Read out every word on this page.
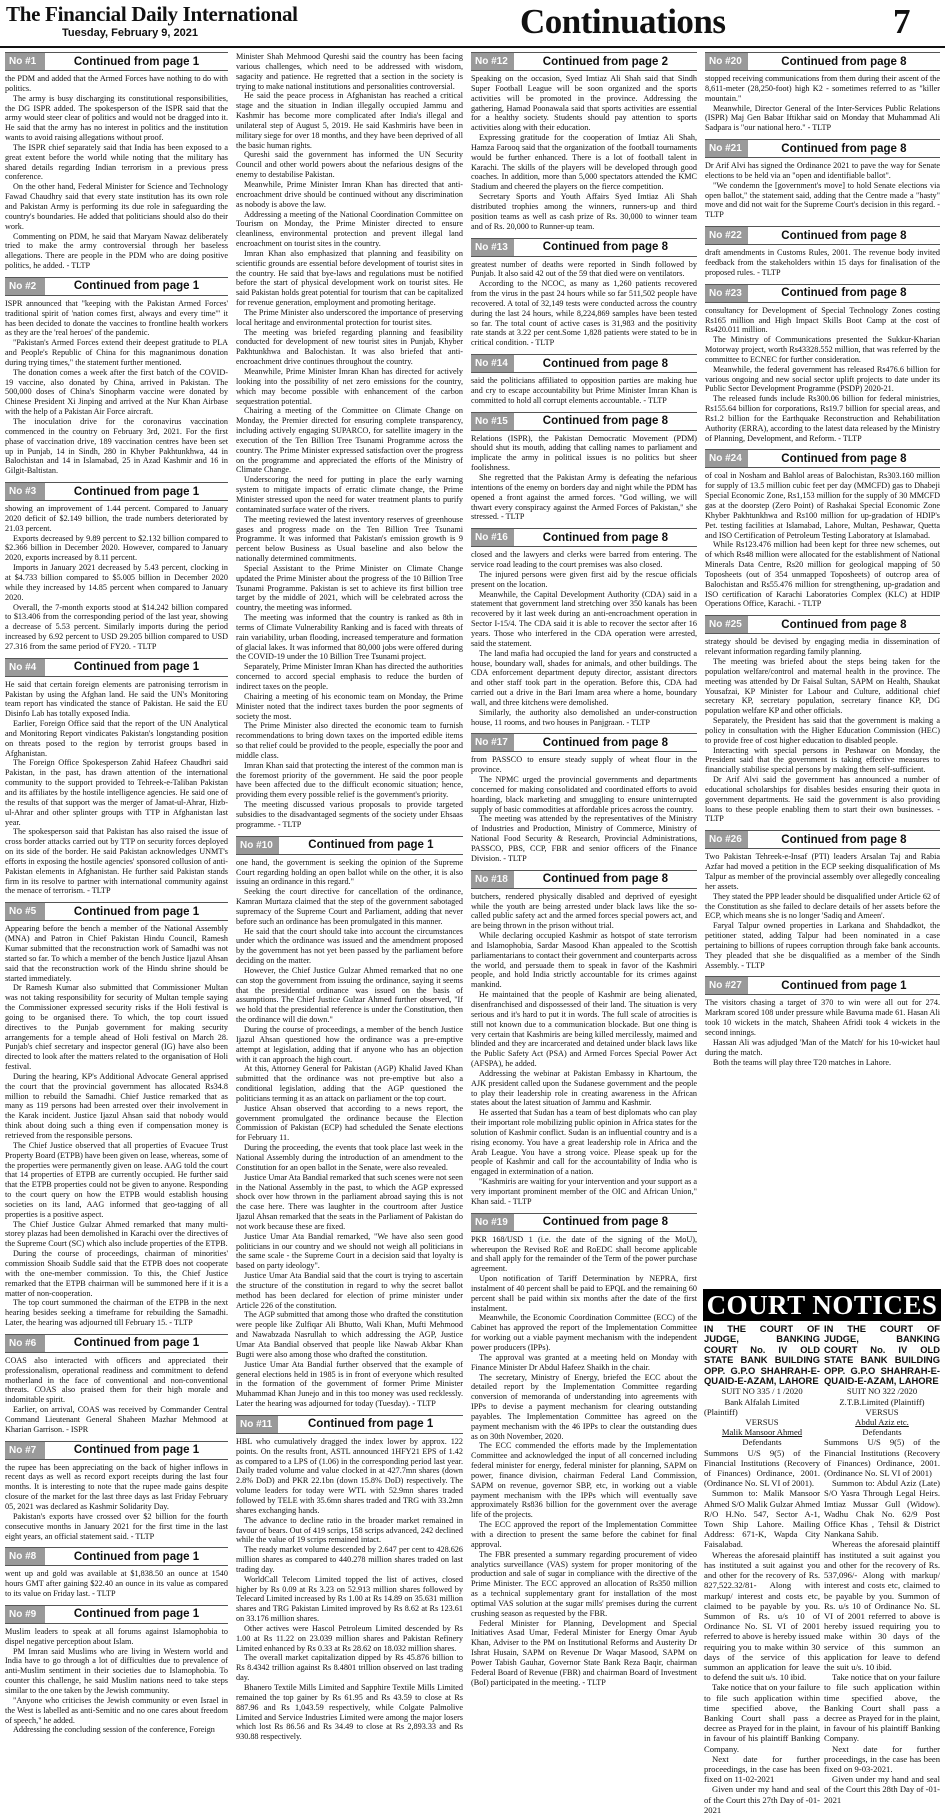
The Financial Daily International
Tuesday, February 9, 2021	Continuations	7
No #1	Continued from page 1

the PDM and added that the Armed Forces have nothing to do with politics.

The army is busy discharging its constitutional responsibilities, the DG ISPR added. The spokesperson of the ISPR said that the army would steer clear of politics and would not be dragged into it. He said that the army has no interest in politics and the institution wants to avoid raising allegations without proof.

The ISPR chief separately said that India has been exposed to a great extent before the world while noting that the military has shared details regarding Indian terrorism in a previous press conference.

On the other hand, Federal Minister for Science and Technology Fawad Chaudhry said that every state institution has its own role and Pakistan Army is performing its due role in safeguarding the country's boundaries. He added that politicians should also do their work.

Commenting on PDM, he said that Maryam Nawaz deliberately tried to make the army controversial through her baseless allegations. There are people in the PDM who are doing positive politics, he added. - TLTP

No #2	Continued from page 1

ISPR announced that "keeping with the Pakistan Armed Forces' traditional spirit of 'nation comes first, always and every time'" it has been decided to donate the vaccines to frontline health workers as they are the 'real heroes' of the pandemic.

"Pakistan's Armed Forces extend their deepest gratitude to PLA and People's Republic of China for this magnanimous donation during trying times," the statement further mentioned.

The donation comes a week after the first batch of the COVID-19 vaccine, also donated by China, arrived in Pakistan. The 500,000 doses of China's Sinopharm vaccine were donated by Chinese President Xi Jinping and arrived at the Nur Khan Airbase with the help of a Pakistan Air Force aircraft.

The inoculation drive for the coronavirus vaccination commenced in the country on February 3rd, 2021. For the first phase of vaccination drive, 189 vaccination centres have been set up in Punjab, 14 in Sindh, 280 in Khyber Pakhtunkhwa, 44 in Balochistan and 14 in Islamabad, 25 in Azad Kashmir and 16 in Gilgit-Baltistan.

No #3	Continued from page 1

showing an improvement of 1.44 percent. Compared to January 2020 deficit of $2.149 billion, the trade numbers deteriorated by 21.03 percent.

Exports decreased by 9.89 percent to $2.132 billion compared to $2.366 billion in December 2020. However, compared to January 2020, exports increased by 8.11 percent.

Imports in January 2021 decreased by 5.43 percent, clocking in at $4.733 billion compared to $5.005 billion in December 2020 while they increased by 14.85 percent when compared to January 2020.

Overall, the 7-month exports stood at $14.242 billion compared to $13.406 from the corresponding period of the last year, showing a decrease of 5.53 percent. Similarly imports during the period increased by 6.92 percent to USD 29.205 billion compared to USD 27.316 from the same period of FY20. - TLTP

No #4	Continued from page 1

He said that certain foreign elements are patronising terrorism in Pakistan by using the Afghan land. He said the UN's Monitoring team report has vindicated the stance of Pakistan. He said the EU Disinfo Lab has totally exposed India.

Earlier, Foreign Office said that the report of the UN Analytical and Monitoring Report vindicates Pakistan's longstanding position on threats posed to the region by terrorist groups based in Afghanistan.

The Foreign Office Spokesperson Zahid Hafeez Chaudhri said Pakistan, in the past, has drawn attention of the international community to the support provided to Tehreek-e-Taliban Pakistan and its affiliates by the hostile intelligence agencies. He said one of the results of that support was the merger of Jamat-ul-Ahrar, Hizb-ul-Ahrar and other splinter groups with TTP in Afghanistan last year.

The spokesperson said that Pakistan has also raised the issue of cross border attacks carried out by TTP on security forces deployed on its side of the border. He said Pakistan acknowledges UNMT's efforts in exposing the hostile agencies' sponsored collusion of anti-Pakistan elements in Afghanistan. He further said Pakistan stands firm in its resolve to partner with international community against the menace of terrorism. - TLTP

No #5	Continued from page 1

Appearing before the bench a member of the National Assembly (MNA) and Patron in Chief Pakistan Hindu Council, Ramesh Kumar submitted that the reconstruction work of Samadhi was not started so far. To which a member of the bench Justice Ijazul Ahsan said that the reconstruction work of the Hindu shrine should be started immediately.

Dr Ramesh Kumar also submitted that Commissioner Multan was not taking responsibility for security of Multan temple saying the Commissioner expressed security risks if the Holi festival is going to be organised there. To which, the top court issued directives to the Punjab government for making security arrangements for a temple ahead of Holi festival on March 28. Punjab's chief secretary and inspector general (IG) have also been directed to look after the matters related to the organisation of Holi festival.

During the hearing, KP's Additional Advocate General apprised the court that the provincial government has allocated Rs34.8 million to rebuild the Samadhi. Chief Justice remarked that as many as 119 persons had been arrested over their involvement in the Karak incident. Justice Ijazul Ahsan said that nobody would think about doing such a thing even if compensation money is retrieved from the responsible persons.

The Chief Justice observed that all properties of Evacuee Trust Property Board (ETPB) have been given on lease, whereas, some of the properties were permanently given on lease. AAG told the court that 14 properties of ETPB are currently occupied. He further said that the ETPB properties could not be given to anyone. Responding to the court query on how the ETPB would establish housing societies on its land, AAG informed that geo-tagging of all properties is a positive aspect.

The Chief Justice Gulzar Ahmed remarked that many multi-storey plazas had been demolished in Karachi over the directives of the Supreme Court (SC) which also include properties of the ETPB.

During the course of proceedings, chairman of minorities' commission Shoaib Suddle said that the ETPB does not cooperate with the one-member commission. To this, the Chief Justice remarked that the ETPB chairman will be summoned here if it is a matter of non-cooperation.

The top court summoned the chairman of the ETPB in the next hearing besides seeking a timeframe for rebuilding the Samadhi. Later, the hearing was adjourned till February 15. - TLTP

No #6	Continued from page 1

COAS also interacted with officers and appreciated their professionalism, operational readiness and commitment to defend motherland in the face of conventional and non-conventional threats. COAS also praised them for their high morale and indomitable spirit.

Earlier, on arrival, COAS was received by Commander Central Command Lieutenant General Shaheen Mazhar Mehmood at Kharian Garrison. - ISPR

No #7	Continued from page 1

the rupee has been appreciating on the back of higher inflows in recent days as well as record export receipts during the last four months. It is interesting to note that the rupee made gains despite closure of the market for the last three days as last Friday February 05, 2021 was declared as Kashmir Solidarity Day.

Pakistan's exports have crossed over $2 billion for the fourth consecutive months in January 2021 for the first time in the last eight years, an official statement said. - TLTP

No #8	Continued from page 1

went up and gold was available at $1,838.50 an ounce at 1540 hours GMT after gaining $22.40 an ounce in its value as compared to its value on Friday last. - TLTP

No #9	Continued from page 1

Muslim leaders to speak at all forums against Islamophobia to dispel negative perception about Islam.

PM Imran said Muslims who are living in Western world and India have to go through a lot of difficulties due to prevalence of anti-Muslim sentiment in their societies due to Islamophobia. To counter this challenge, he said Muslim nations need to take steps similar to the one taken by the Jewish community.

"Anyone who criticises the Jewish community or even Israel in the West is labelled as anti-Semitic and no one cares about freedom of speech," he added.

Addressing the concluding session of the conference, Foreign

Minister Shah Mehmood Qureshi said the country has been facing various challenges, which need to be addressed with wisdom, sagacity and patience. He regretted that a section in the society is trying to make national institutions and personalities controversial.

He said the peace process in Afghanistan has reached a critical stage and the situation in Indian illegally occupied Jammu and Kashmir has become more complicated after India's illegal and unilateral step of August 5, 2019. He said Kashmiris have been in military siege for over 18 months, and they have been deprived of all the basic human rights.

Qureshi said the government has informed the UN Security Council and other world powers about the nefarious designs of the enemy to destabilise Pakistan.

Meanwhile, Prime Minister Imran Khan has directed that anti-encroachment drive should be continued without any discrimination as nobody is above the law.

Addressing a meeting of the National Coordination Committee on Tourism on Monday, the Prime Minister directed to ensure cleanliness, environmental protection and prevent illegal land encroachment on tourist sites in the country.

Imran Khan also emphasized that planning and feasibility on scientific grounds are essential before development of tourist sites in the country. He said that bye-laws and regulations must be notified before the start of physical development work on tourist sites. He said Pakistan holds great potential for tourism that can be capitalized for revenue generation, employment and promoting heritage.

The Prime Minister also underscored the importance of preserving local heritage and environmental protection for tourist sites.

The meeting was briefed regarding planning and feasibility conducted for development of new tourist sites in Punjab, Khyber Pakhtunkhwa and Balochistan. It was also briefed that anti-encroachment drive continues throughout the country.

Meanwhile, Prime Minister Imran Khan has directed for actively looking into the possibility of net zero emissions for the country, which may become possible with enhancement of the carbon sequestration potential.

Chairing a meeting of the Committee on Climate Change on Monday, the Premier directed for ensuring complete transparency, including actively engaging SUPARCO, for satellite imagery in the execution of the Ten Billion Tree Tsunami Programme across the country. The Prime Minister expressed satisfaction over the progress on the programme and appreciated the efforts of the Ministry of Climate Change.

Underscoring the need for putting in place the early warning system to mitigate impacts of erratic climate change, the Prime Minister stressed upon the need for water treatment plants to purify contaminated surface water of the rivers.

The meeting reviewed the latest inventory reserves of greenhouse gases and progress made on the Ten Billion Tree Tsunami Programme. It was informed that Pakistan's emission growth is 9 percent below Business as Usual baseline and also below the nationally determined commitments.

Special Assistant to the Prime Minister on Climate Change updated the Prime Minister about the progress of the 10 Billion Tree Tsunami Programme. Pakistan is set to achieve its first billion tree target by the middle of 2021, which will be celebrated across the country, the meeting was informed.

The meeting was informed that the country is ranked as 8th in terms of Climate Vulnerability Ranking and is faced with threats of rain variability, urban flooding, increased temperature and formation of glacial lakes. It was informed that 80,000 jobs were offered during the COVID-19 under the 10 Billion Tree Tsunami project.

Separately, Prime Minister Imran Khan has directed the authorities concerned to accord special emphasis to reduce the burden of indirect taxes on the people.

Chairing a meeting of his economic team on Monday, the Prime Minister noted that the indirect taxes burden the poor segments of society the most.

The Prime Minister also directed the economic team to furnish recommendations to bring down taxes on the imported edible items so that relief could be provided to the people, especially the poor and middle class.

Imran Khan said that protecting the interest of the common man is the foremost priority of the government. He said the poor people have been affected due to the difficult economic situation; hence, providing them every possible relief is the government's priority.

The meeting discussed various proposals to provide targeted subsidies to the disadvantaged segments of the society under Ehsaas programme. - TLTP

No #10	Continued from page 1

one hand, the government is seeking the opinion of the Supreme Court regarding holding an open ballot while on the other, it is also issuing an ordinance in this regard."

Seeking the court directive for cancellation of the ordinance, Kamran Murtaza claimed that the step of the government sabotaged supremacy of the Supreme Court and Parliament, adding that never before such an ordinance has been promulgated in this manner.

He said that the court should take into account the circumstances under which the ordinance was issued and the amendment proposed by the government has not yet been passed by the parliament before deciding on the matter.

However, the Chief Justice Gulzar Ahmed remarked that no one can stop the government from issuing the ordinance, saying it seems that the presidential ordinance was issued on the basis of assumptions. The Chief Justice Gulzar Ahmed further observed, "If we hold that the presidential reference is under the Constitution, then the ordinance will die down."

During the course of proceedings, a member of the bench Justice Ijazul Ahsan questioned how the ordinance was a pre-emptive attempt at legislation, adding that if anyone who has an objection with it can approach the high court.

At this, Attorney General for Pakistan (AGP) Khalid Javed Khan submitted that the ordinance was not pre-emptive but also a conditional legislation, adding that the AGP questioned the politicians terming it as an attack on parliament or the top court.

Justice Ahsan observed that according to a news report, the government promulgated the ordinance because the Election Commission of Pakistan (ECP) had scheduled the Senate elections for February 11.

During the proceeding, the events that took place last week in the National Assembly during the introduction of an amendment to the Constitution for an open ballot in the Senate, were also revealed.

Justice Umar Ata Bandial remarked that such scenes were not seen in the National Assembly in the past, to which the AGP expressed shock over how thrown in the parliament abroad saying this is not the case here. There was laughter in the courtroom after Justice Ijazul Ahsan remarked that the seats in the Parliament of Pakistan do not work because these are fixed.

Justice Umar Ata Bandial remarked, "We have also seen good politicians in our country and we should not weigh all politicians in the same scale - the Supreme Court in a decision said that loyalty is based on party ideology".

Justice Umar Ata Bandial said that the court is trying to ascertain the structure of the constitution in regard to why the secret ballot method has been declared for election of prime minister under Article 226 of the constitution.

The AGP submitted that among those who drafted the constitution were people like Zulfiqar Ali Bhutto, Wali Khan, Mufti Mehmood and Nawabzada Nasrullah to which addressing the AGP, Justice Umar Ata Bandial observed that people like Nawab Akbar Khan Bugti were also among those who drafted the constitution.

Justice Umar Ata Bandial further observed that the example of general elections held in 1985 is in front of everyone which resulted in the formation of the government of former Prime Minister Muhammad Khan Junejo and in this too money was used recklessly. Later the hearing was adjourned for today (Tuesday). - TLTP

No #11	Continued from page 1

HBL who cumulatively dragged the index lower by approx. 122 points. On the results front, ASTL announced 1HFY21 EPS of 1.42 as compared to a LPS of (1.06) in the corresponding period last year. Daily traded volume and value clocked in at 427.7mn shares (down 2.8% DoD) and PKR 22.1bn (down 15.8% DoD) respectively. The volume leaders for today were WTL with 52.9mn shares traded followed by TELE with 35.6mn shares traded and TRG with 33.2mn shares exchanging hands.

The advance to decline ratio in the broader market remained in favour of bears. Out of 419 scrips, 158 scrips advanced, 242 declined while the value of 19 scrips remained intact.

The ready market volume descended by 2.647 per cent to 428.626 million shares as compared to 440.278 million shares traded on last trading day.

WorldCall Telecom Limited topped the list of actives, closed higher by Rs 0.09 at Rs 3.23 on 52.913 million shares followed by Telecard Limited increased by Rs 1.00 at Rs 14.89 on 35.631 million shares and TRG Pakistan Limited improved by Rs 8.62 at Rs 123.61 on 33.176 million shares.

Other actives were Hascol Petroleum Limited descended by Rs 1.00 at Rs 11.22 on 23.039 million shares and Pakistan Refinery Limited enhanced by Rs 0.33 at Rs 28.62 on 18.032 million shares.

The overall market capitalization dipped by Rs 45.876 billion to Rs 8.4342 trillion against Rs 8.4801 trillion observed on last trading day.

Bhanero Textile Mills Limited and Sapphire Textile Mills Limited remained the top gainer by Rs 61.95 and Rs 43.59 to close at Rs 887.96 and Rs 1,043.59 respectively, while Colgate Palmolive Limited and Service Industries Limited were among the major losers which lost Rs 86.56 and Rs 34.49 to close at Rs 2,893.33 and Rs 930.88 respectively.

No #12	Continued from page 2

Speaking on the occasion, Syed Imtiaz Ali Shah said that Sindh Super Football League will be soon organized and the sports activities will be promoted in the province. Addressing the gathering, Hamad Poonawala said that sports activities are essential for a healthy society. Students should pay attention to sports activities along with their education.

Expressing gratitude for the cooperation of Imtiaz Ali Shah, Hamza Farooq said that the organization of the football tournaments would be further enhanced. There is a lot of football talent in Karachi. The skills of the players will be developed through good coaches. In addition, more than 5,000 spectators attended the KMC Stadium and cheered the players on the fierce competition.

Secretary Sports and Youth Affairs Syed Imtiaz Ali Shah distributed trophies among the winners, runners-up and third position teams as well as cash prize of Rs. 30,000 to winner team and of Rs. 20,000 to Runner-up team.

No #13	Continued from page 8

greatest number of deaths were reported in Sindh followed by Punjab. It also said 42 out of the 59 that died were on ventilators.

According to the NCOC, as many as 1,260 patients recovered from the virus in the past 24 hours while so far 511,502 people have recovered. A total of 32,149 tests were conducted across the country during the last 24 hours, while 8,224,869 samples have been tested so far. The total count of active cases is 31,983 and the positivity rate stands at 3.22 per cent.Some 1,828 patients were stated to be in critical condition. - TLTP

No #14	Continued from page 8

said the politicians affiliated to opposition parties are making hue and cry to escape accountability but Prime Minister Imran Khan is committed to hold all corrupt elements accountable. - TLTP

No #15	Continued from page 8

Relations (ISPR), the Pakistan Democratic Movement (PDM) should shut its mouth, adding that calling names to parliament and implicate the army in political issues is no politics but sheer foolishness.

She regretted that the Pakistan Army is defeating the nefarious intentions of the enemy on borders day and night while the PDM has opened a front against the armed forces. "God willing, we will thwart every conspiracy against the Armed Forces of Pakistan," she stressed. - TLTP

No #16	Continued from page 8

closed and the lawyers and clerks were barred from entering. The service road leading to the court premises was also closed.

The injured persons were given first aid by the rescue officials present on the location.

Meanwhile, the Capital Development Authority (CDA) said in a statement that government land stretching over 350 kanals has been recovered by it last week during an anti-encroachment operation in Sector I-15/4. The CDA said it is able to recover the sector after 16 years. Those who interfered in the CDA operation were arrested, said the statement.

The land mafia had occupied the land for years and constructed a house, boundary wall, shades for animals, and other buildings. The CDA enforcement department deputy director, assistant directors and other staff took part in the operation. Before this, CDA had carried out a drive in the Bari Imam area where a home, boundary wall, and three kitchens were demolished.

Similarly, the authority also demolished an under-construction house, 11 rooms, and two houses in Panjgraan. - TLTP

No #17	Continued from page 8

from PASSCO to ensure steady supply of wheat flour in the province.

The NPMC urged the provincial governments and departments concerned for making consolidated and coordinated efforts to avoid hoarding, black marketing and smuggling to ensure uninterrupted supply of basic commodities at affordable prices across the country.

The meeting was attended by the representatives of the Ministry of Industries and Production, Ministry of Commerce, Ministry of National Food Security & Research, Provincial Administrations, PASSCO, PBS, CCP, FBR and senior officers of the Finance Division. - TLTP

No #18	Continued from page 8

butchers, rendered physically disabled and deprived of eyesight while the youth are being arrested under black laws like the so-called public safety act and the armed forces special powers act, and are being thrown in the prison without trial.

While declaring occupied Kashmir as hotspot of state terrorism and Islamophobia, Sardar Masood Khan appealed to the Scottish parliamentarians to contact their government and counterparts across the world, and persuade them to speak in favor of the Kashmiri people, and hold India strictly accountable for its crimes against mankind.

He maintained that the people of Kashmir are being alienated, disenfranchised and dispossessed of their land. The situation is very serious and it's hard to put it in words. The full scale of atrocities is still not known due to a communication blockade. But one thing is very certain that Kashmiris are being killed mercilessly, maimed and blinded and they are incarcerated and detained under black laws like the Public Safety Act (PSA) and Armed Forces Special Power Act (AFSPA), he added.

Addressing the webinar at Pakistan Embassy in Khartoum, the AJK president called upon the Sudanese government and the people to play their leadership role in creating awareness in the African states about the latest situation of Jammu and Kashmir.

He asserted that Sudan has a team of best diplomats who can play their important role mobilizing public opinion in Africa states for the solution of Kashmir conflict. Sudan is an influential country and is a rising economy. You have a great leadership role in Africa and the Arab League. You have a strong voice. Please speak up for the people of Kashmir and call for the accountability of India who is engaged in extermination of a nation.

"Kashmiris are waiting for your intervention and your support as a very important prominent member of the OIC and African Union," Khan said. - TLTP

No #19	Continued from page 8

PKR 168/USD 1 (i.e. the date of the signing of the MoU), whereupon the Revised RoE and RoEDC shall become applicable and shall apply for the remainder of the Term of the power purchase agreement.

Upon notification of Tariff Determination by NEPRA, first instalment of 40 percent shall be paid to EPQL and the remaining 60 percent shall be paid within six months after the date of the first instalment.

Meanwhile, the Economic Coordination Committee (ECC) of the Cabinet has approved the report of the Implementation Committee for working out a viable payment mechanism with the independent power producers (IPPs).

The approval was granted at a meeting held on Monday with Finance Minister Dr Abdul Hafeez Shaikh in the chair.

The secretary, Ministry of Energy, briefed the ECC about the detailed report by the Implementation Committee regarding conversion of memoranda of understanding into agreements with IPPs to devise a payment mechanism for clearing outstanding payables. The Implementation Committee has agreed on the payment mechanism with the 46 IPPs to clear the outstanding dues as on 30th November, 2020.

The ECC commended the efforts made by the Implementation Committee and acknowledged the input of all concerned including federal minister for energy, federal minister for planning, SAPM on power, finance division, chairman Federal Land Commission, SAPM on revenue, governor SBP, etc, in working out a viable payment mechanism with the IPPs which will eventually save approximately Rs836 billion for the government over the average life of the projects.

The ECC approved the report of the Implementation Committee with a direction to present the same before the cabinet for final approval.

The FBR presented a summary regarding procurement of video analytics surveillance (VAS) system for proper monitoring of the production and sale of sugar in compliance with the directive of the Prime Minister. The ECC approved an allocation of Rs350 million as a technical supplementary grant for installation of the most optimal VAS solution at the sugar mills' premises during the current crushing season as requested by the FBR.

Federal Minister for Planning, Development and Special Initiatives Asad Umar, Federal Minister for Energy Omar Ayub Khan, Adviser to the PM on Institutional Reforms and Austerity Dr Ishrat Husain, SAPM on Revenue Dr Waqar Masood, SAPM on Power Tabish Gauhar, Governor State Bank Reza Baqir, chairman Federal Board of Revenue (FBR) and chairman Board of Investment (BoI) participated in the meeting. - TLTP

No #20	Continued from page 8

stopped receiving communications from them during their ascent of the 8,611-meter (28,250-foot) high K2 - sometimes referred to as "killer mountain."

Meanwhile, Director General of the Inter-Services Public Relations (ISPR) Maj Gen Babar Iftikhar said on Monday that Muhammad Ali Sadpara is "our national hero." - TLTP

No #21	Continued from page 8

Dr Arif Alvi has signed the Ordinance 2021 to pave the way for Senate elections to be held via an "open and identifiable ballot".

"We condemn the [government's move] to hold Senate elections via open ballot," the statement said, adding that the Centre made a "hasty" move and did not wait for the Supreme Court's decision in this regard. - TLTP

No #22	Continued from page 8

draft amendments in Customs Rules, 2001. The revenue body invited feedback from the stakeholders within 15 days for finalisation of the proposed rules. - TLTP

No #23	Continued from page 8

consultancy for Development of Special Technology Zones costing Rs165 million and High Impact Skills Boot Camp at the cost of Rs420.011 million.

The Ministry of Communications presented the Sukkur-Kharian Motorway project, worth Rs43328.552 million, that was referred by the committee to ECNEC for further consideration.

Meanwhile, the federal government has released Rs476.6 billion for various ongoing and new social sector uplift projects to date under its Public Sector Development Programme (PSDP) 2020-21.

The released funds include Rs300.06 billion for federal ministries, Rs155.64 billion for corporations, Rs19.7 billion for special areas, and Rs1.2 billion for the Earthquake Reconstruction and Rehabilitation Authority (ERRA), according to the latest data released by the Ministry of Planning, Development, and Reform. - TLTP

No #24	Continued from page 8

of coal in Nosham and Bahlol areas of Balochistan, Rs303.160 million for supply of 13.5 million cubic feet per day (MMCFD) gas to Dhabeji Special Economic Zone, Rs1,153 million for the supply of 30 MMCFD gas at the doorstep (Zero Point) of Rashakai Special Economic Zone Khyber Pakhtunkhwa and Rs100 million for up-gradation of HDIP's Pet. testing facilities at Islamabad, Lahore, Multan, Peshawar, Quetta and ISO Certification of Petroleum Testing Laboratory at Islamabad.

While Rs123.476 million had been kept for three new schemes, out of which Rs48 million were allocated for the establishment of National Minerals Data Centre, Rs20 million for geological mapping of 50 Toposheets (out of 354 unmapped Toposheets) of outcrop area of Balochistan and Rs55.476 million for strengthening, up-gradation and ISO certification of Karachi Laboratories Complex (KLC) at HDIP Operations Office, Karachi. - TLTP

No #25	Continued from page 8

strategy should be devised by engaging media in dissemination of relevant information regarding family planning.

The meeting was briefed about the steps being taken for the population welfare/control and maternal health in the province. The meeting was attended by Dr Faisal Sultan, SAPM on Health, Shaukat Yousafzai, KP Minister for Labour and Culture, additional chief secretary KP, secretary population, secretary finance KP, DG population welfare KP and other officials.

Separately, the President has said that the government is making a policy in consultation with the Higher Education Commission (HEC) to provide free of cost higher education to disabled people.

Interacting with special persons in Peshawar on Monday, the President said that the government is taking effective measures to financially stabilise special persons by making them self-sufficient.

Dr Arif Alvi said the government has announced a number of educational scholarships for disables besides ensuring their quota in government departments. He said the government is also providing loans to these people enabling them to start their own businesses. - TLTP

No #26	Continued from page 8

Two Pakistan Tehreek-e-Insaf (PTI) leaders Arsalan Taj and Rabia Azfar had moved a petition in the ECP seeking disqualification of Ms Talpur as member of the provincial assembly over allegedly concealing her assets.

They stated the PPP leader should be disqualified under Article 62 of the Constitution as she failed to declare details of her assets before the ECP, which means she is no longer 'Sadiq and Ameen'.

Faryal Talpur owned properties in Larkana and Shahdadkot, the petitioner stated, adding Talpur had been nominated in a case pertaining to billions of rupees corruption through fake bank accounts. They pleaded that she be disqualified as a member of the Sindh Assembly. - TLTP

No #27	Continued from page 1

The visitors chasing a target of 370 to win were all out for 274. Markram scored 108 under pressure while Bavuma made 61. Hasan Ali took 10 wickets in the match, Shaheen Afridi took 4 wickets in the second innings.

Hassan Ali was adjudged 'Man of the Match' for his 10-wicket haul during the match.

Both the teams will play three T20 matches in Lahore.

COURT NOTICES
IN THE COURT OF JUDGE, BANKING COURT No. IV OLD STATE BANK BUILDING OPP. G.P.O SHAHRAH-E-QUAID-E-AZAM, LAHORE
SUIT NO 335 / 1 /2020
Bank Alfalah Limited
(Plaintiff)
VERSUS
Malik Mansoor Ahmed
Defendants

Summons U/S 9(5) of the Financial Institutions (Recovery of Finances) Ordinance, 2001. (Ordinance No. SL VI of 2001).

Summon to: Malik Mansoor Ahmed S/O Malik Gulzar Ahmed R/O H.No. 547, Sector A-1, Town Ship Lahore. Mailing Address: 671-K, Wapda City Faisalabad.

Whereas the aforesaid plaintiff has instituted a suit against you and other for the recovery of Rs. 827,522.32/81- Along with markup/ interest and costs etc, claimed to be payable by you. Summon of Rs. u/s 10 of Ordinance No. SL VI of 2001 referred to above is hereby issued requiring you to make within 30 days of the service of this summon an application for leave to defend the suit u/s. 10 ibid.

Take notice that on your failure to file such application within time specified above, the Banking Court shall pass a decree as Prayed for in the plaint, in favour of his plaintiff Banking Company.

Next date for further proceedings, in the case has been fixed on 11-02-2021

Given under my hand and seal of the Court this 27th Day of -01-2021

IN THE COURT OF JUDGE, BANKING COURT No. IV OLD STATE BANK BUILDING OPP. G.P.O SHAHRAH-E-QUAID-E-AZAM, LAHORE
SUIT NO 322 /2020
Z.T.B.Limited (Plaintiff)
VERSUS
Abdul Aziz etc.
Defendants

Summons U/S 9(5) of the Financial Institutions (Recovery of Finances) Ordinance, 2001. (Ordinance No. SL VI of 2001)

Summon to: Abdul Aziz (Late) S/O Yasra Through Legal Heirs. Imtiaz Mussar Gull (Widow). Wadhu Chak No. 62/9 Post Office Khas , Tehsil & District Nankana Sahib.

Whereas the aforesaid plaintiff has instituted a suit against you and other for the recovery of Rs. 537,096/- Along with markup/ interest and costs etc, claimed to be payable by you. Summon of Rs. u/s 10 of Ordinance No. SL VI of 2001 referred to above is hereby issued requiring you to make within 30 days of the service of this summon an application for leave to defend the suit u/s. 10 ibid.

Take notice that on your failure to file such application within time specified above, the Banking Court shall pass a decree as Prayed for in the plaint, in favour of his plaintiff Banking Company.

Next date for further proceedings, in the case has been fixed on 9-03-2021.

Given under my hand and seal of the Court this 28th Day of -01-2021
